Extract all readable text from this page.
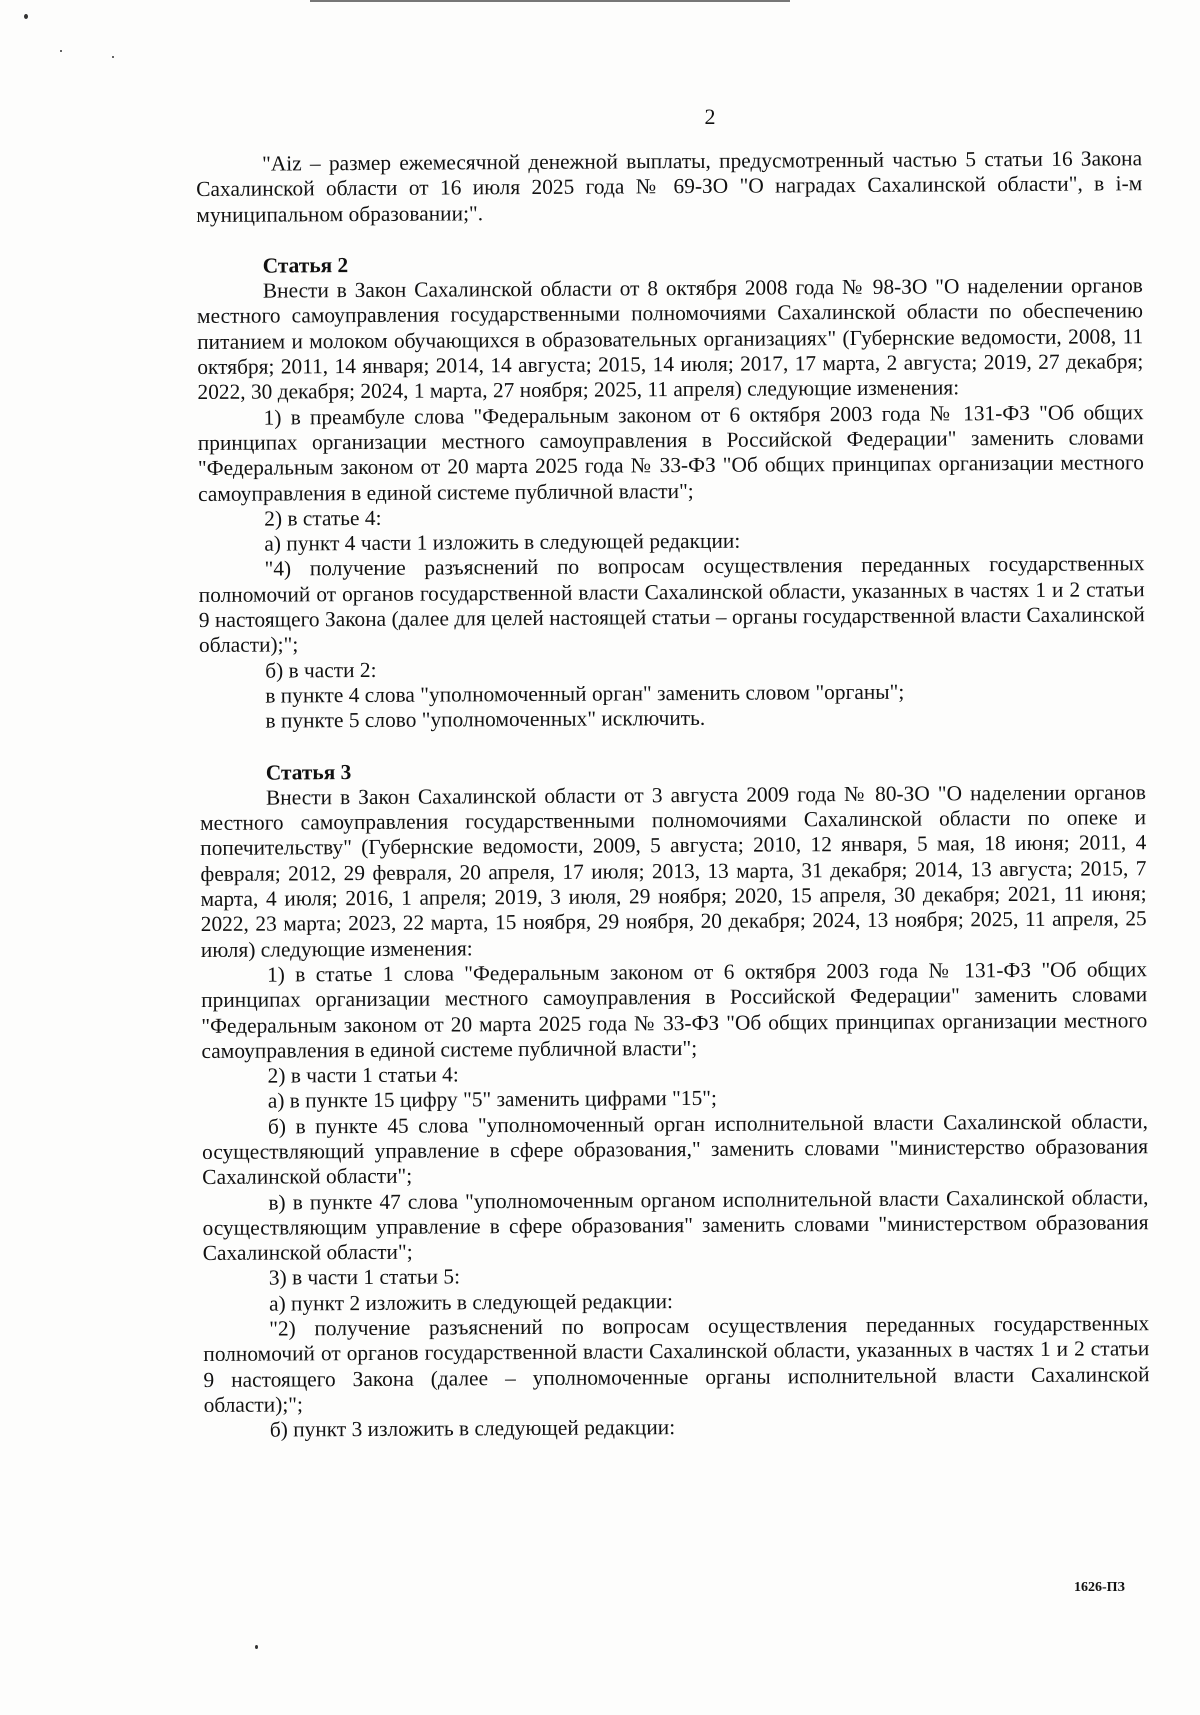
2

"Aiz – размер ежемесячной денежной выплаты, предусмотренный частью 5 статьи 16 Закона Сахалинской области от 16 июля 2025 года № 69-ЗО "О наградах Сахалинской области", в i-м муниципальном образовании;".

Статья 2

Внести в Закон Сахалинской области от 8 октября 2008 года № 98-ЗО "О наделении органов местного самоуправления государственными полномочиями Сахалинской области по обеспечению питанием и молоком обучающихся в образовательных организациях" (Губернские ведомости, 2008, 11 октября; 2011, 14 января; 2014, 14 августа; 2015, 14 июля; 2017, 17 марта, 2 августа; 2019, 27 декабря; 2022, 30 декабря; 2024, 1 марта, 27 ноября; 2025, 11 апреля) следующие изменения:

1) в преамбуле слова "Федеральным законом от 6 октября 2003 года № 131-ФЗ "Об общих принципах организации местного самоуправления в Российской Федерации" заменить словами "Федеральным законом от 20 марта 2025 года № 33-ФЗ "Об общих принципах организации местного самоуправления в единой системе публичной власти";

2) в статье 4:

а) пункт 4 части 1 изложить в следующей редакции:

"4) получение разъяснений по вопросам осуществления переданных государственных полномочий от органов государственной власти Сахалинской области, указанных в частях 1 и 2 статьи 9 настоящего Закона (далее для целей настоящей статьи – органы государственной власти Сахалинской области);";

б) в части 2:

в пункте 4 слова "уполномоченный орган" заменить словом "органы";

в пункте 5 слово "уполномоченных" исключить.

Статья 3

Внести в Закон Сахалинской области от 3 августа 2009 года № 80-ЗО "О наделении органов местного самоуправления государственными полномочиями Сахалинской области по опеке и попечительству" (Губернские ведомости, 2009, 5 августа; 2010, 12 января, 5 мая, 18 июня; 2011, 4 февраля; 2012, 29 февраля, 20 апреля, 17 июля; 2013, 13 марта, 31 декабря; 2014, 13 августа; 2015, 7 марта, 4 июля; 2016, 1 апреля; 2019, 3 июля, 29 ноября; 2020, 15 апреля, 30 декабря; 2021, 11 июня; 2022, 23 марта; 2023, 22 марта, 15 ноября, 29 ноября, 20 декабря; 2024, 13 ноября; 2025, 11 апреля, 25 июля) следующие изменения:

1) в статье 1 слова "Федеральным законом от 6 октября 2003 года № 131-ФЗ "Об общих принципах организации местного самоуправления в Российской Федерации" заменить словами "Федеральным законом от 20 марта 2025 года № 33-ФЗ "Об общих принципах организации местного самоуправления в единой системе публичной власти";

2) в части 1 статьи 4:

а) в пункте 15 цифру "5" заменить цифрами "15";

б) в пункте 45 слова "уполномоченный орган исполнительной власти Сахалинской области, осуществляющий управление в сфере образования," заменить словами "министерство образования Сахалинской области";

в) в пункте 47 слова "уполномоченным органом исполнительной власти Сахалинской области, осуществляющим управление в сфере образования" заменить словами "министерством образования Сахалинской области";

3) в части 1 статьи 5:

а) пункт 2 изложить в следующей редакции:

"2) получение разъяснений по вопросам осуществления переданных государственных полномочий от органов государственной власти Сахалинской области, указанных в частях 1 и 2 статьи 9 настоящего Закона (далее – уполномоченные органы исполнительной власти Сахалинской области);";

б) пункт 3 изложить в следующей редакции:

1626-ПЗ
